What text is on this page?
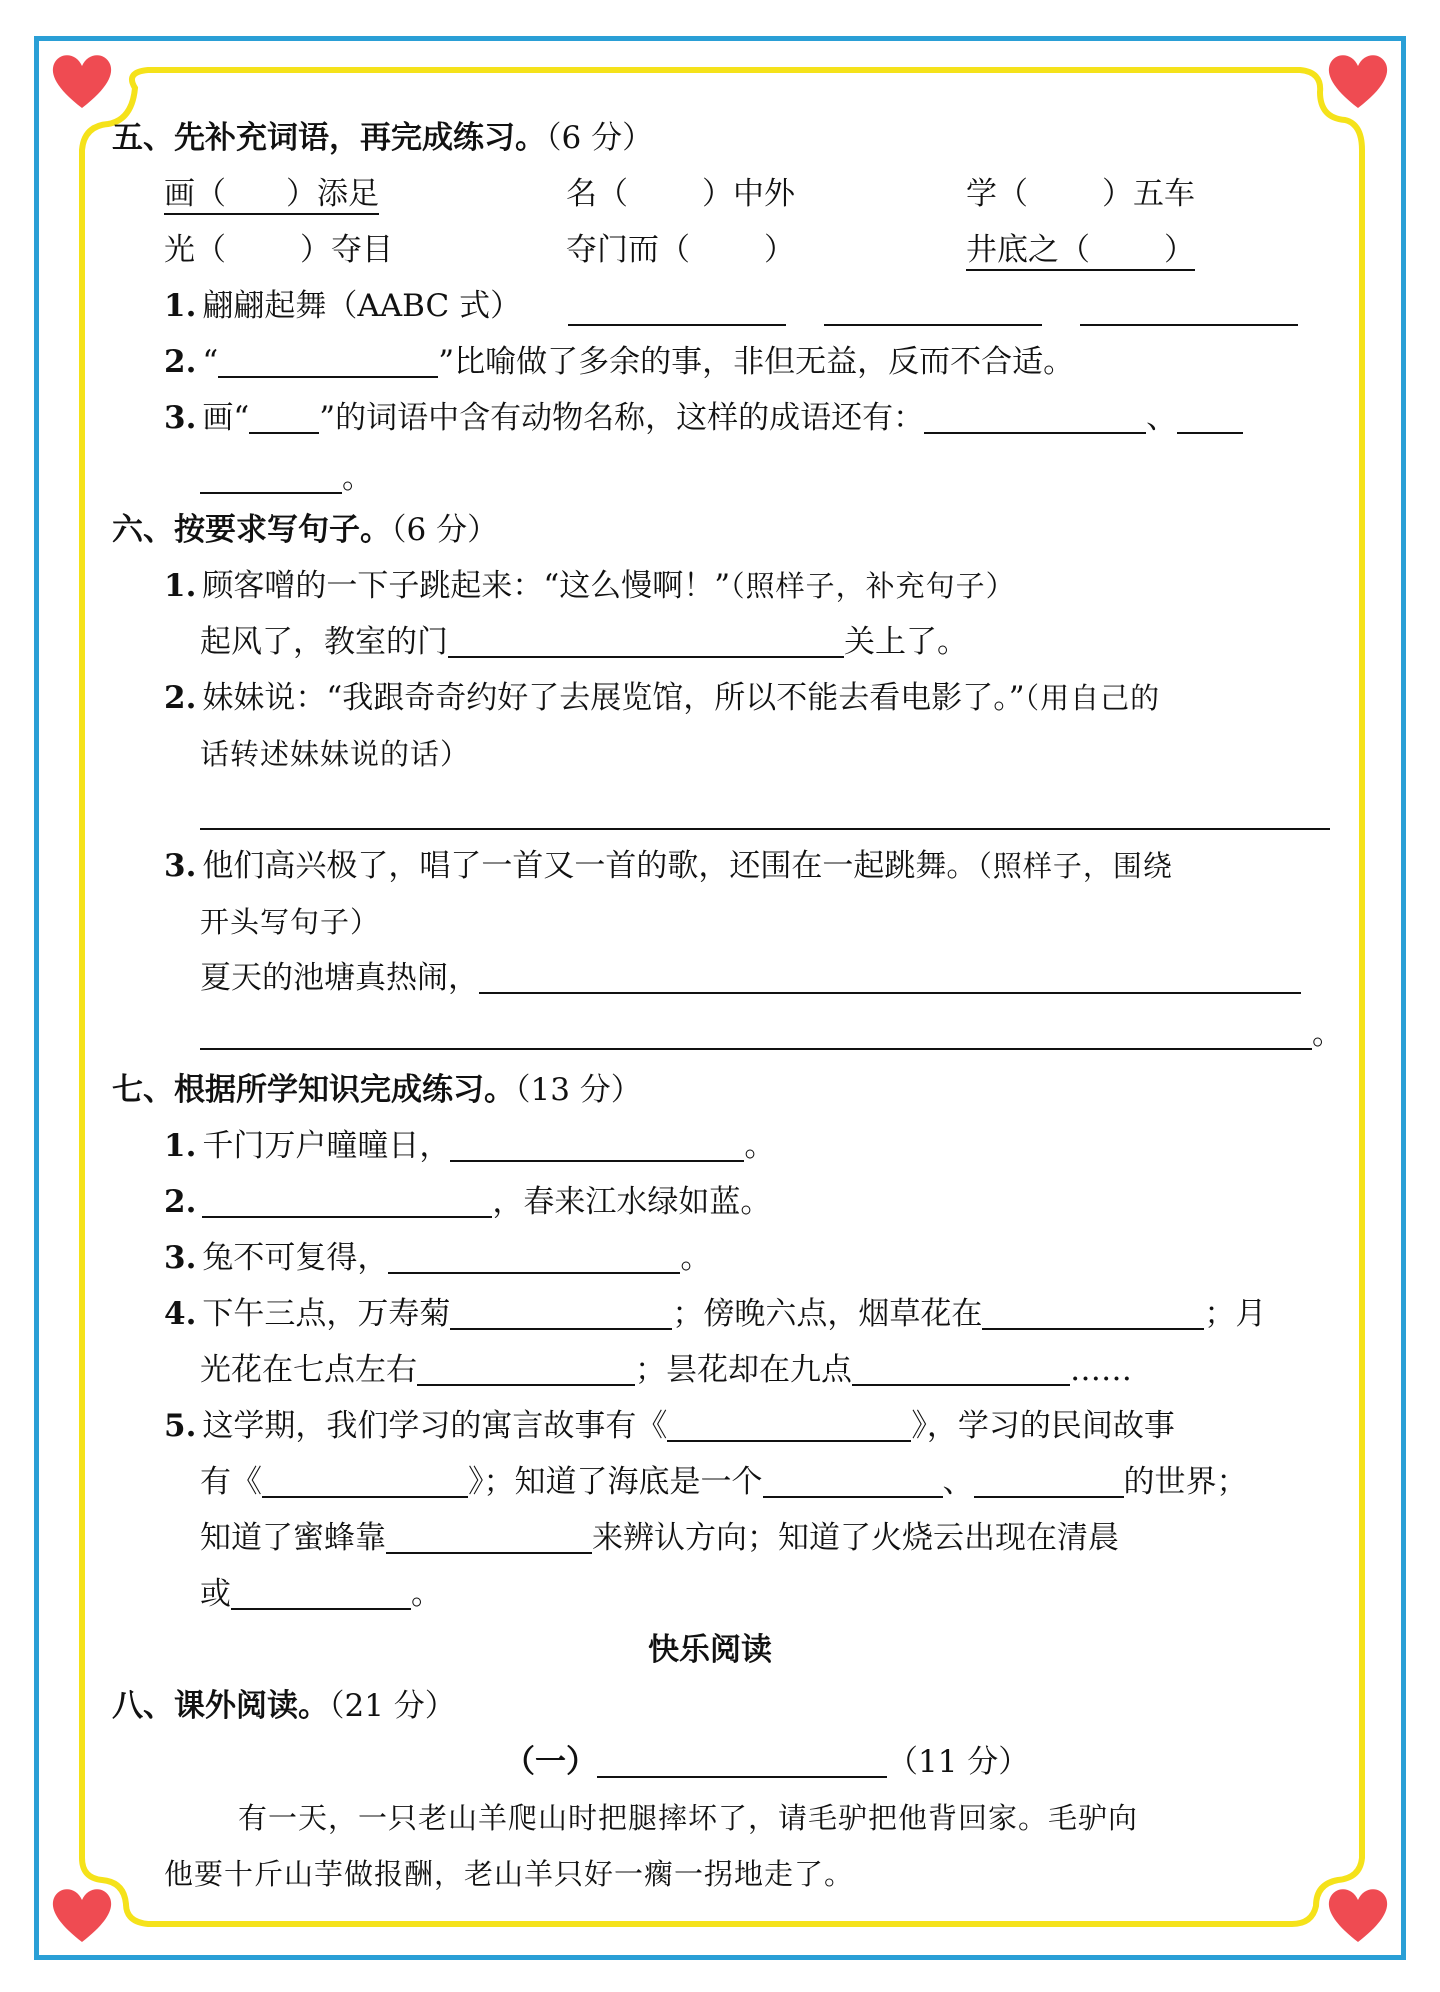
五、先补充词语，再完成练习。（6 分）
画（ ）添足	名（ ）中外	学（ ）五车
光（ ）夺目	夺门而（ ）	井底之（ ）
1. 翩翩起舞（AABC 式）
2. “	”比喻做了多余的事，非但无益，反而不合适。
3. 画“ ”的词语中含有动物名称，这样的成语还有：	、
。
六、按要求写句子。（6 分）
1. 顾客噌的一下子跳起来：“这么慢啊！”（照样子，补充句子）
起风了，教室的门	关上了。
2. 妹妹说：“我跟奇奇约好了去展览馆，所以不能去看电影了。”（用自己的
话转述妹妹说的话）
3. 他们高兴极了，唱了一首又一首的歌，还围在一起跳舞。（照样子，围绕
开头写句子）
夏天的池塘真热闹，
。
七、根据所学知识完成练习。（13 分）
1. 千门万户曈曈日，	。
2.	，春来江水绿如蓝。
3. 兔不可复得，	。
4. 下午三点，万寿菊	；傍晚六点，烟草花在	；月
光花在七点左右	；昙花却在九点	……
5. 这学期，我们学习的寓言故事有《	》，学习的民间故事
有《	》；知道了海底是一个	、	的世界；
知道了蜜蜂靠	来辨认方向；知道了火烧云出现在清晨
或	。
快乐阅读
八、课外阅读。（21 分）
（一）	（11 分）
有一天，一只老山羊爬山时把腿摔坏了，请毛驴把他背回家。毛驴向
他要十斤山芋做报酬，老山羊只好一瘸一拐地走了。
